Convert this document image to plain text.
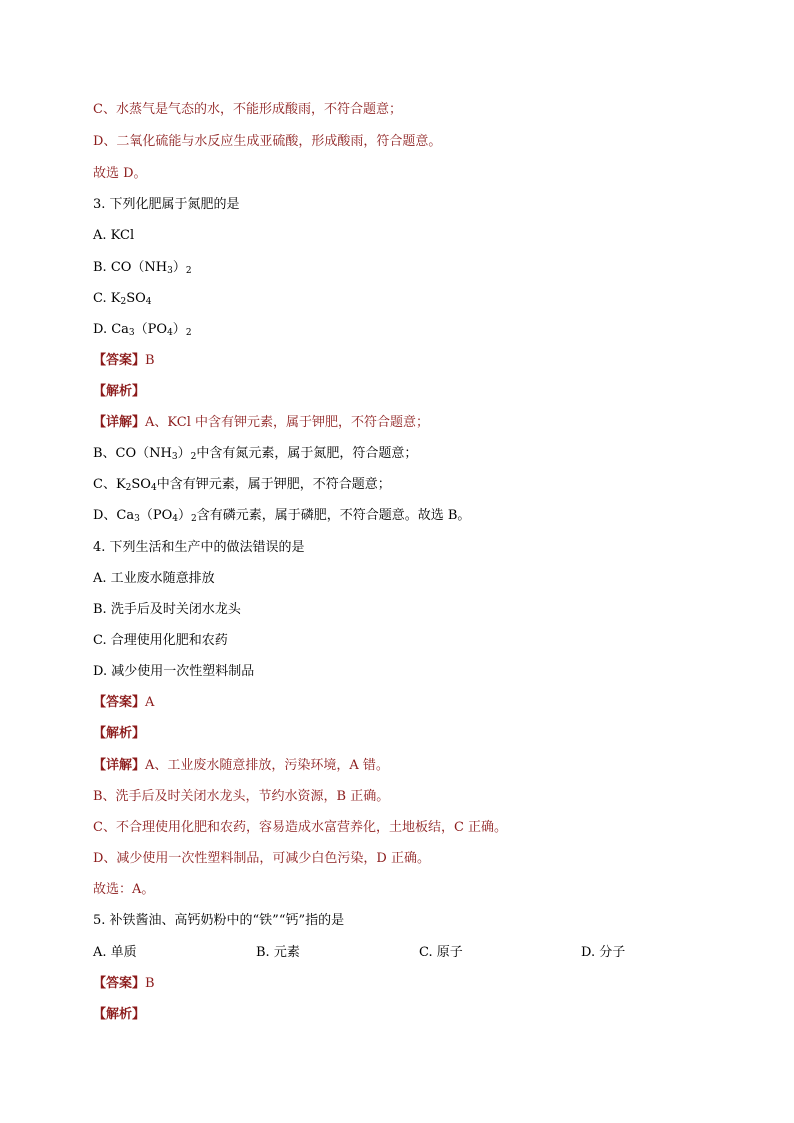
C、水蒸气是气态的水，不能形成酸雨，不符合题意；
D、二氧化硫能与水反应生成亚硫酸，形成酸雨，符合题意。
故选 D。
3. 下列化肥属于氮肥的是
A. KCl
B. $CO(NH_3)_2$
C. $K_2SO_4$
D. $Ca_3(PO_4)_2$
【答案】B
【解析】
【详解】A、KCl 中含有钾元素，属于钾肥，不符合题意；
B、$CO(NH_3)_2$中含有氮元素，属于氮肥，符合题意；
C、$K_2SO_4$中含有钾元素，属于钾肥，不符合题意；
D、$Ca_3(PO_4)_2$含有磷元素，属于磷肥，不符合题意。故选 B。
4. 下列生活和生产中的做法错误的是
A. 工业废水随意排放
B. 洗手后及时关闭水龙头
C. 合理使用化肥和农药
D. 减少使用一次性塑料制品
【答案】A
【解析】
【详解】A、工业废水随意排放，污染环境，A 错。
B、洗手后及时关闭水龙头，节约水资源，B 正确。
C、不合理使用化肥和农药，容易造成水富营养化，土地板结，C 正确。
D、减少使用一次性塑料制品，可减少白色污染，D 正确。
故选：A。
5. 补铁酱油、高钙奶粉中的“铁”“钙”指的是
A. 单质	B. 元素	C. 原子	D. 分子
【答案】B
【解析】
